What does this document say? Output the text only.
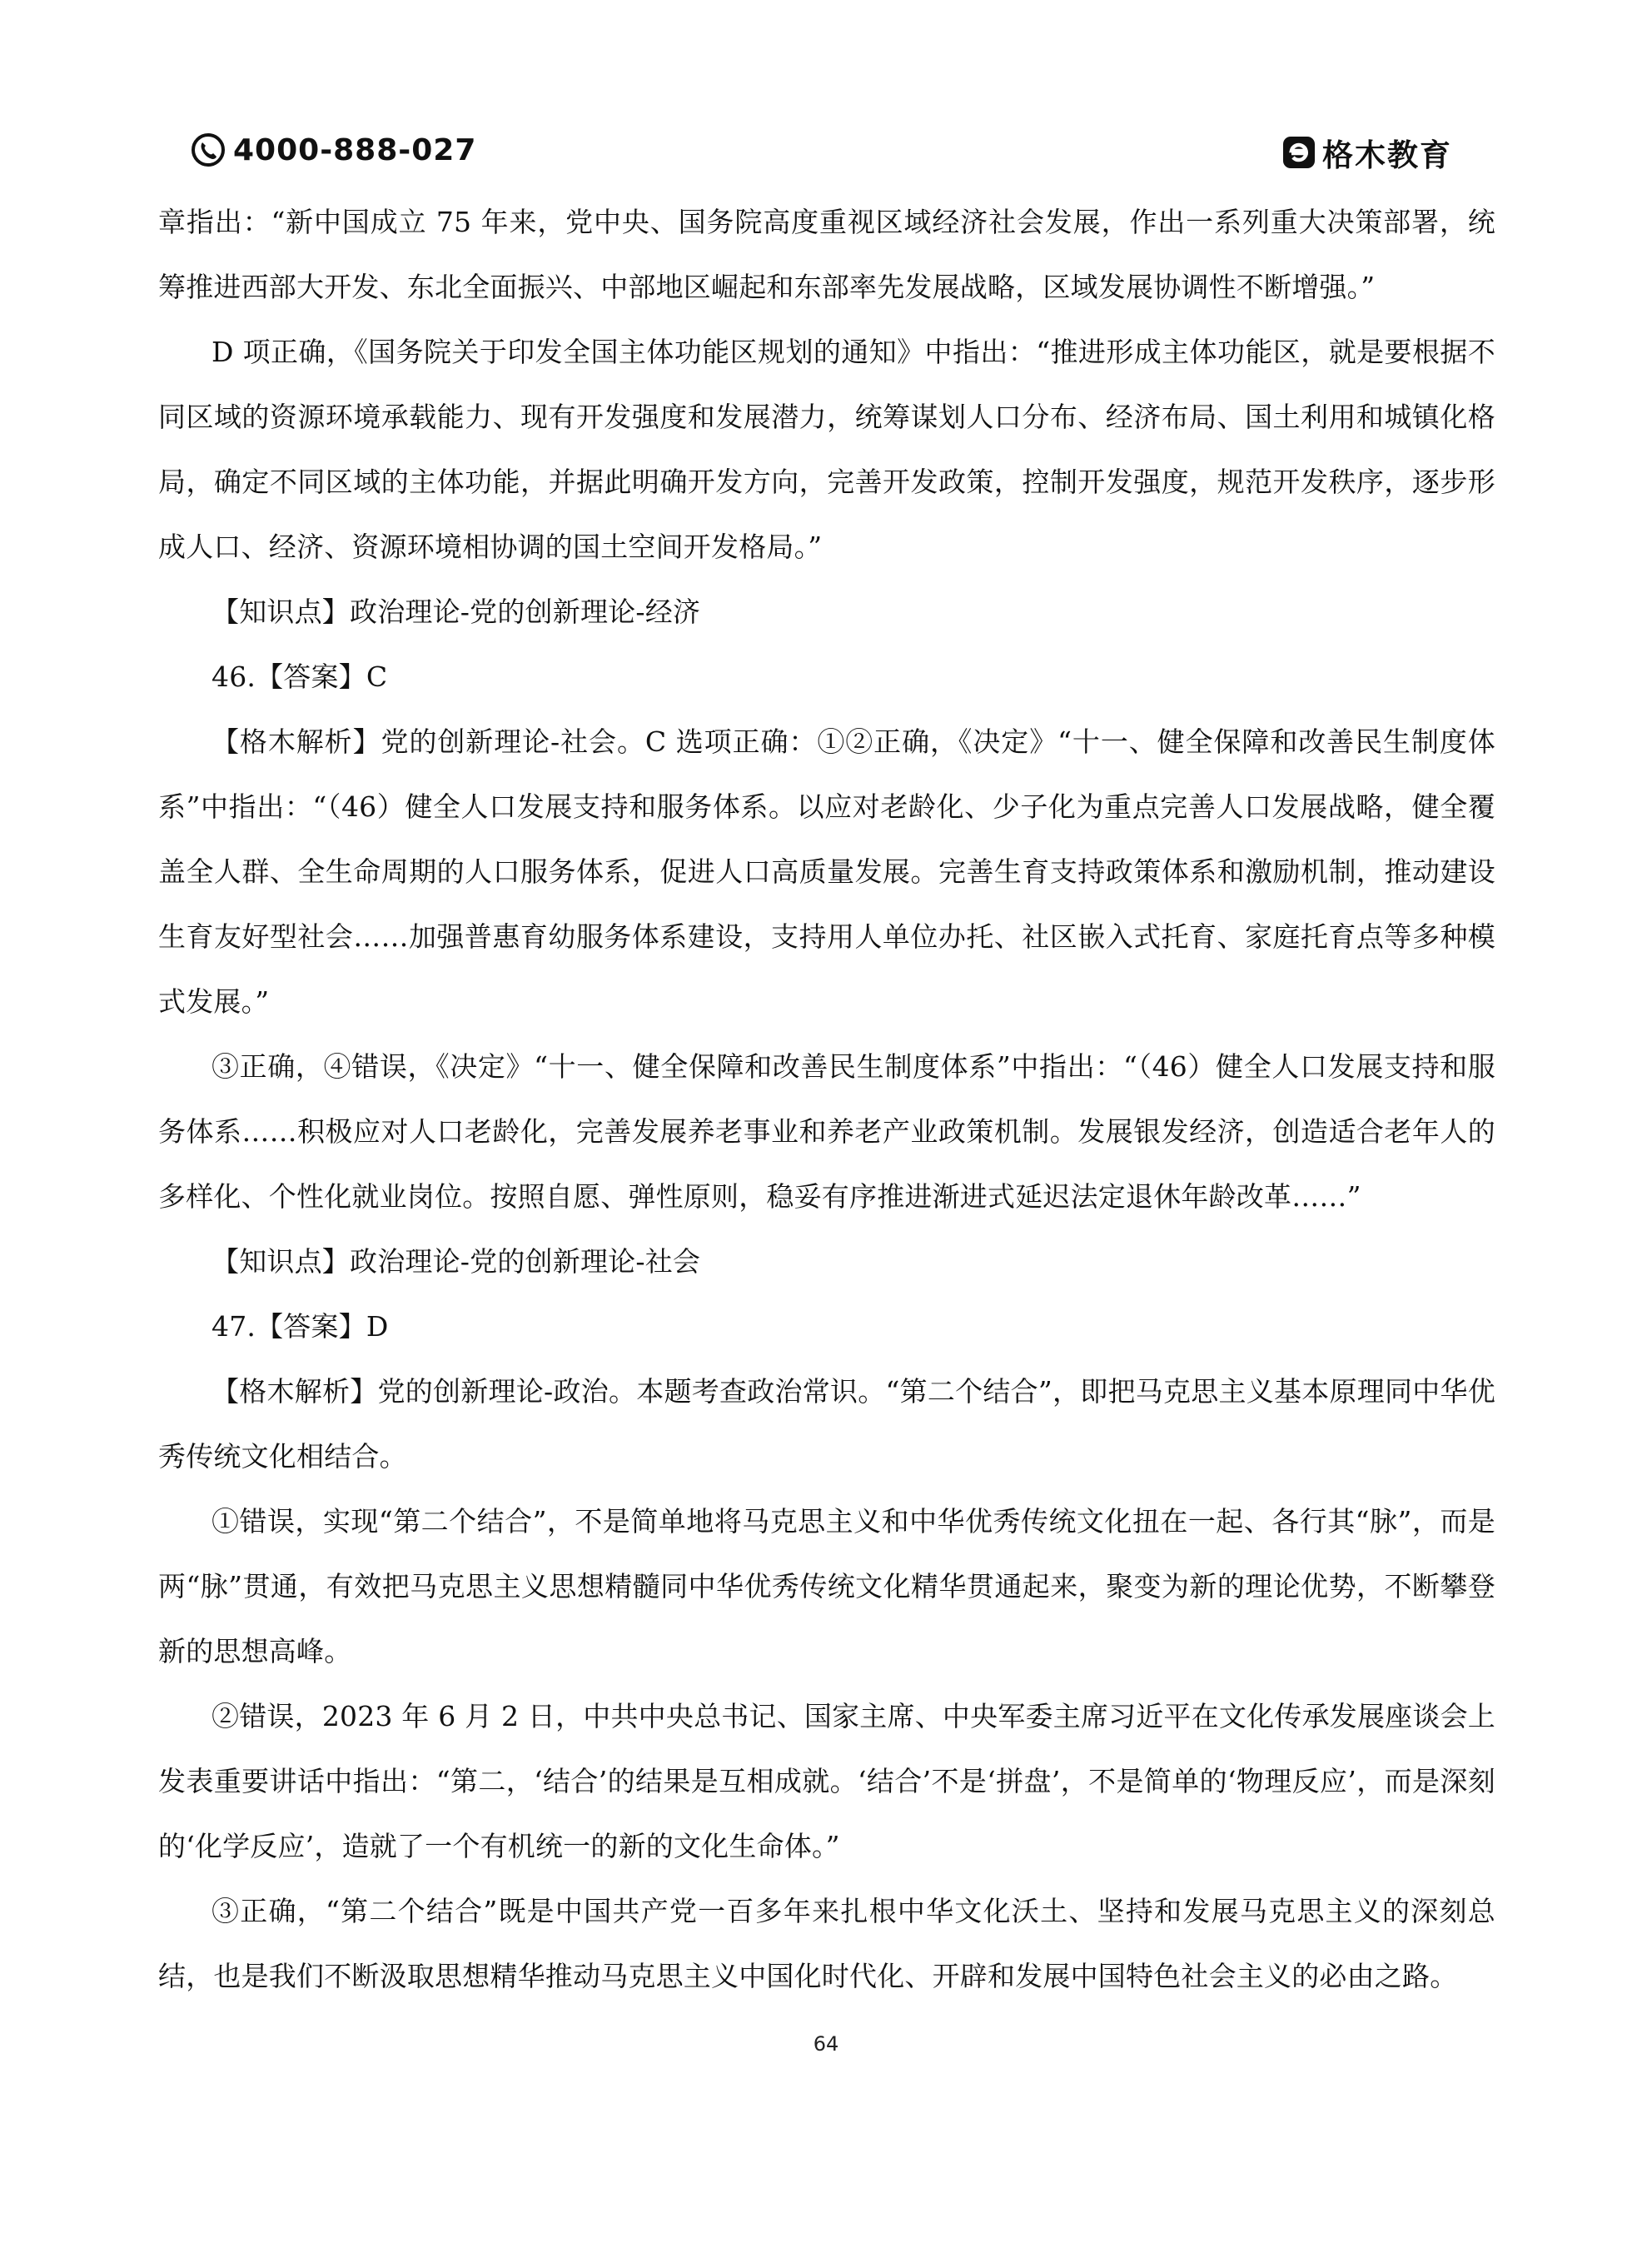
4000-888-027	格木教育

章指出：“新中国成立 75 年来，党中央、国务院高度重视区域经济社会发展，作出一系列重大决策部署，统筹推进西部大开发、东北全面振兴、中部地区崛起和东部率先发展战略，区域发展协调性不断增强。”

D 项正确，《国务院关于印发全国主体功能区规划的通知》中指出：“推进形成主体功能区，就是要根据不同区域的资源环境承载能力、现有开发强度和发展潜力，统筹谋划人口分布、经济布局、国土利用和城镇化格局，确定不同区域的主体功能，并据此明确开发方向，完善开发政策，控制开发强度，规范开发秩序，逐步形成人口、经济、资源环境相协调的国土空间开发格局。”

【知识点】政治理论-党的创新理论-经济

46.【答案】C

【格木解析】党的创新理论-社会。C 选项正确：①②正确，《决定》“十一、健全保障和改善民生制度体系”中指出：“（46）健全人口发展支持和服务体系。以应对老龄化、少子化为重点完善人口发展战略，健全覆盖全人群、全生命周期的人口服务体系，促进人口高质量发展。完善生育支持政策体系和激励机制，推动建设生育友好型社会……加强普惠育幼服务体系建设，支持用人单位办托、社区嵌入式托育、家庭托育点等多种模式发展。”

③正确，④错误，《决定》“十一、健全保障和改善民生制度体系”中指出：“（46）健全人口发展支持和服务体系……积极应对人口老龄化，完善发展养老事业和养老产业政策机制。发展银发经济，创造适合老年人的多样化、个性化就业岗位。按照自愿、弹性原则，稳妥有序推进渐进式延迟法定退休年龄改革……”

【知识点】政治理论-党的创新理论-社会

47.【答案】D

【格木解析】党的创新理论-政治。本题考查政治常识。“第二个结合”，即把马克思主义基本原理同中华优秀传统文化相结合。

①错误，实现“第二个结合”，不是简单地将马克思主义和中华优秀传统文化扭在一起、各行其“脉”，而是两“脉”贯通，有效把马克思主义思想精髓同中华优秀传统文化精华贯通起来，聚变为新的理论优势，不断攀登新的思想高峰。

②错误，2023 年 6 月 2 日，中共中央总书记、国家主席、中央军委主席习近平在文化传承发展座谈会上发表重要讲话中指出：“第二，‘结合’的结果是互相成就。‘结合’不是‘拼盘’，不是简单的‘物理反应’，而是深刻的‘化学反应’，造就了一个有机统一的新的文化生命体。”

③正确，“第二个结合”既是中国共产党一百多年来扎根中华文化沃土、坚持和发展马克思主义的深刻总结，也是我们不断汲取思想精华推动马克思主义中国化时代化、开辟和发展中国特色社会主义的必由之路。

64
